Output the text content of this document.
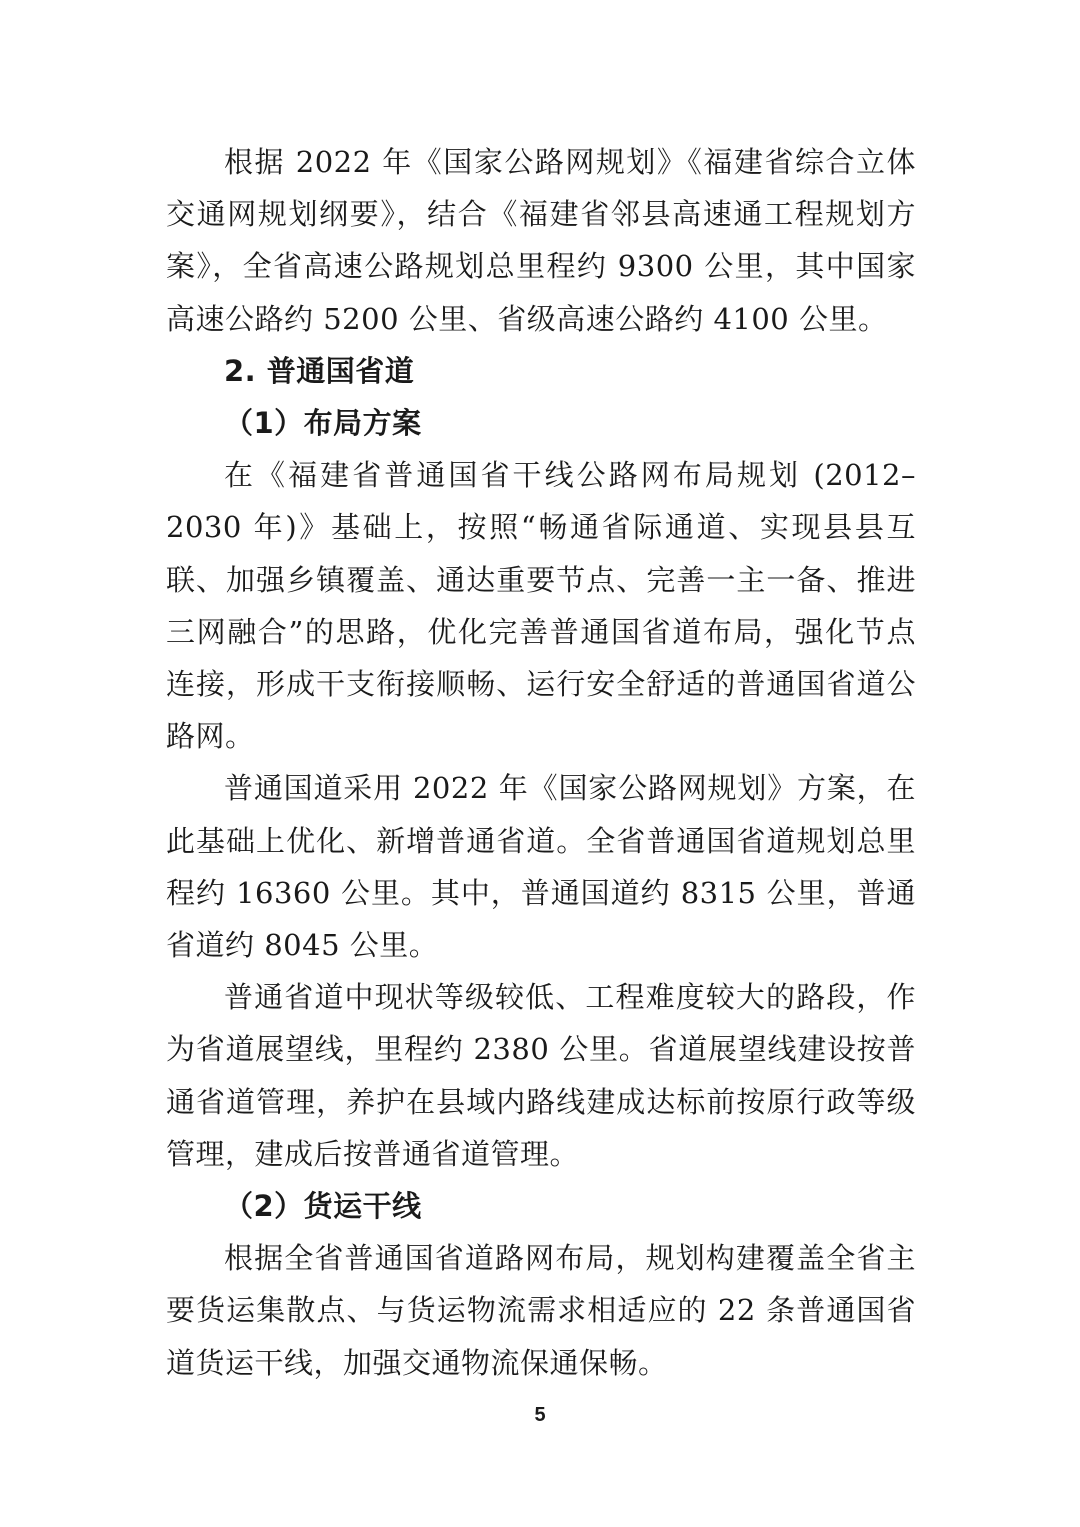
根据 2022 年《国家公路网规划》《福建省综合立体交通网规划纲要》，结合《福建省邻县高速通工程规划方案》，全省高速公路规划总里程约 9300 公里，其中国家高速公路约 5200 公里、省级高速公路约 4100 公里。

2. 普通国省道

（1）布局方案

在《福建省普通国省干线公路网布局规划 (2012–2030 年)》基础上，按照“畅通省际通道、实现县县互联、加强乡镇覆盖、通达重要节点、完善一主一备、推进三网融合”的思路，优化完善普通国省道布局，强化节点连接，形成干支衔接顺畅、运行安全舒适的普通国省道公路网。

普通国道采用 2022 年《国家公路网规划》方案，在此基础上优化、新增普通省道。全省普通国省道规划总里程约 16360 公里。其中，普通国道约 8315 公里，普通省道约 8045 公里。

普通省道中现状等级较低、工程难度较大的路段，作为省道展望线，里程约 2380 公里。省道展望线建设按普通省道管理，养护在县域内路线建成达标前按原行政等级管理，建成后按普通省道管理。

（2）货运干线

根据全省普通国省道路网布局，规划构建覆盖全省主要货运集散点、与货运物流需求相适应的 22 条普通国省道货运干线，加强交通物流保通保畅。

5
